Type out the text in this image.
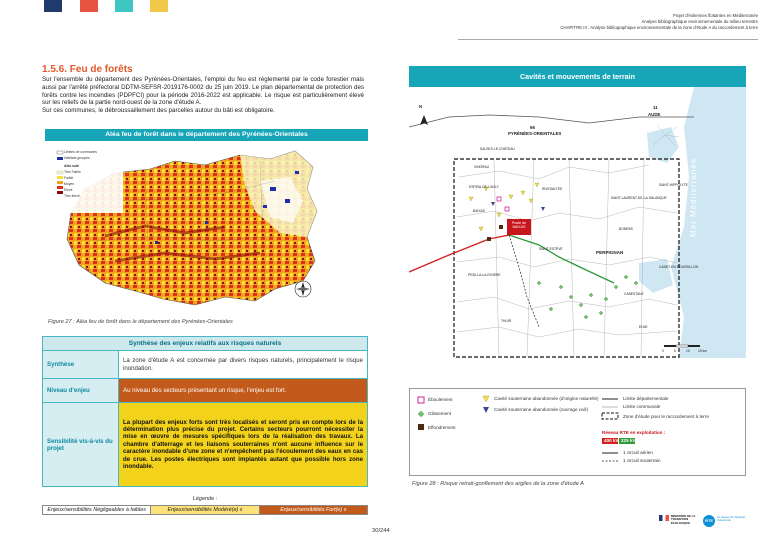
Projet d'éoliennes flottantes en Méditerranée
Analyse bibliographique environnementale du milieu terrestre
CHAPITRE III : Analyse bibliographique environnementale de la zone d'étude A du raccordement à terre
1.5.6. Feu de forêts

Sur l'ensemble du département des Pyrénées-Orientales, l'emploi du feu est réglementé par le code forestier mais aussi par l'arrêté préfectoral DDTM-SEFSR-2019176-0002 du 25 juin 2019. Le plan départemental de protection des forêts contre les incendies (PDPFCI) pour la période 2016-2022 est applicable. Le risque est particulièrement élevé sur les reliefs de la partie nord-ouest de la zone d'étude A.

Sur ces communes, le débroussaillement des parcelles autour du bâti est obligatoire.

Aléa feu de forêt dans le département des Pyrénées-Orientales
Limites de communes
Habitats groupés
Aléa subi
Très Faible
Faible
Moyen
Elevé
Très élevé
Figure 27 : Aléa feu de forêt dans le département des Pyrénées-Orientales
Synthèse des enjeux relatifs aux risques naturels	
Synthèse	La zone d'étude A est concernée par divers risques naturels, principalement le risque inondation.
Niveau d'enjeu	Au niveau des secteurs présentant un risque, l'enjeu est fort.
Sensibilité vis-à-vis du projet	La plupart des enjeux forts sont très localisés et seront pris en compte lors de la détermination plus précise du projet. Certains secteurs pourront nécessiter la mise en œuvre de mesures spécifiques lors de la réalisation des travaux. La chambre d'atterrage et les liaisons souterraines n'ont aucune influence sur le caractère inondable d'une zone et n'empêchent pas l'écoulement des eaux en cas de crue. Les postes électriques sont implantés autant que possible hors zone inondable.
Légende :
Enjeux/sensibilités Négligeables à faibles	Enjeux/sensibilités Modéré(e) s	Enjeux/sensibilités Fort(e) s
30/244
Cavités et mouvements de terrain
N
66
PYRÉNÉES-ORIENTALES
11
AUDE
Mer Méditerranée
PERPIGNAN
Poste de BAIXAS
SALSES-LE-CHÂTEAU
SAINT-HIPPOLYTE
SAINT-LAURENT-DE-LA-SALANQUE
CANET-EN-ROUSSILLON
RIVESALTES
BAIXAS
PEZILLA-LA-RIVIERE
THUIR
ELNE
SAINT-ESTÈVE
CABESTANY
BOMPAS
VINGRAU
ESPIRA-DE-L'AGLY
0	5	10	15 km
Éboulement
Glissement
Effondrement
Cavité souterraine abandonnée (d'origine naturelle)
Cavité souterraine abandonnée (ouvrage civil)
Limite départementale
Limite communale
Zone d'étude pour le raccordement à terre
Réseau RTE en exploitation :
400 kV 225 kV
1 circuit aérien
1 circuit souterrain
Figure 28 : Risque retrait-gonflement des argiles de la zone d'étude A
MINISTÈRE DE LA TRANSITION ÉCOLOGIQUE	RTE
Le réseau de transport d'électricité
